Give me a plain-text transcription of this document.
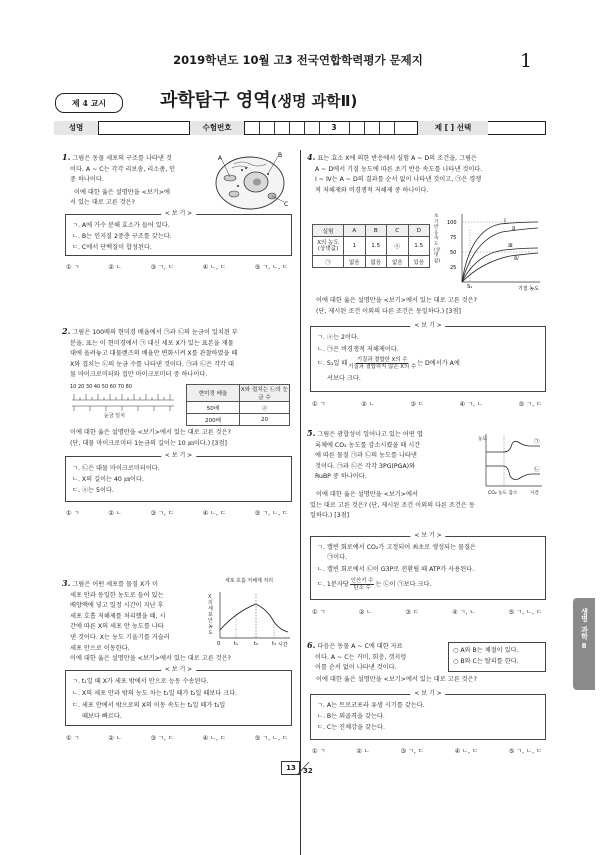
2019학년도 10월 고3 전국연합학력평가 문제지	1
제 4 교시	과학탐구 영역(생명 과학Ⅱ)
성명	수험번호	3	제 [ ] 선택
1. 그림은 동물 세포의 구조를 나타낸 것
이다. A ~ C는 각각 리보솜, 리소좀, 인
중 하나이다.
이에 대한 옳은 설명만을 <보기>에
서 있는 대로 고른 것은?
A	B
C
< 보 기 >
ㄱ. A에 가수 분해 효소가 들어 있다.
ㄴ. B는 인지질 2중층 구조를 갖는다.
ㄷ. C에서 단백질이 합성된다.
① ㄱ	② ㄴ	③ ㄱ, ㄷ	④ ㄴ, ㄷ	⑤ ㄱ, ㄴ, ㄷ
2. 그림은 100배의 현미경 배율에서 ㉠과 ㉡의 눈금이 일치된 부
분을, 표는 이 현미경에서 ㉠ 대신 세포 X가 있는 표본을 재물
대에 올려놓고 대물렌즈의 배율만 변화시켜 X를 관찰하였을 때
X와 겹치는 ㉡의 눈금 수를 나타낸 것이다. ㉠과 ㉡은 각각 대
물 마이크로미터와 접안 마이크로미터 중 하나이다.
10 20 30 40 50 60 70 80
눈금 일치
현미경 배율	X와 겹치는 ㉡의 눈금 수
50배	ⓐ
200배	20
이에 대한 옳은 설명만을 <보기>에서 있는 대로 고른 것은?
(단, 대물 마이크로미터 1눈금의 길이는 10 ㎛이다.) [3점]
< 보 기 >
ㄱ. ㉡은 대물 마이크로미터이다.
ㄴ. X의 길이는 40 ㎛이다.
ㄷ. ⓐ는 5이다.
① ㄱ	② ㄴ	③ ㄱ, ㄷ	④ ㄴ, ㄷ	⑤ ㄱ, ㄴ, ㄷ
3. 그림은 어떤 세포를 물질 X가 이
세포 안과 동일한 농도로 들어 있는
배양액에 넣고 일정 시간이 지난 후
세포 호흡 저해제를 처리했을 때, 시
간에 따른 X의 세포 안 농도를 나타
낸 것이다. X는 농도 기울기를 거슬러
세포 안으로 이동한다.
세포 호흡 저해제 처리
X의 세포 안 농도
0	t₁	t₂	t₃ 시간
이에 대한 옳은 설명만을 <보기>에서 있는 대로 고른 것은?
< 보 기 >
ㄱ. t₁일 때 X가 세포 밖에서 안으로 능동 수송된다.
ㄴ. X의 세포 안과 밖의 농도 차는 t₁일 때가 t₂일 때보다 크다.
ㄷ. 세포 안에서 밖으로의 X의 이동 속도는 t₂일 때가 t₃일
때보다 빠르다.
① ㄱ	② ㄴ	③ ㄱ, ㄷ	④ ㄴ, ㄷ	⑤ ㄱ, ㄴ, ㄷ
4. 표는 효소 X에 의한 반응에서 실험 A ~ D의 조건을, 그림은
A ~ D에서 기질 농도에 따른 초기 반응 속도를 나타낸 것이다.
Ⅰ ~ Ⅳ는 A ~ D의 결과를 순서 없이 나타낸 것이고, ㉠은 경쟁
적 저해제와 비경쟁적 저해제 중 하나이다.
실험	A	B	C	D
X의 농도 (상댓값)	1	1.5	ⓐ	1.5
㉠	없음	없음	없음	있음
초기 반응 속도 (상댓값)
100
75
50
25
Ⅰ
Ⅱ
Ⅲ
Ⅳ
S₁	기질 농도
이에 대한 옳은 설명만을 <보기>에서 있는 대로 고른 것은?
(단, 제시된 조건 이외의 다른 조건은 동일하다.) [3점]
< 보 기 >
ㄱ. ⓐ는 2이다.
ㄴ. ㉠은 비경쟁적 저해제이다.
ㄷ. S₁일 때 $\frac{\text{기질과 결합한 X의 수}}{\text{기질과 결합하지 않은 X의 수}}$ 는 D에서가 A에
서보다 크다.
① ㄱ	② ㄴ	③ ㄷ	④ ㄱ, ㄴ	⑤ ㄱ, ㄷ
5. 그림은 광합성이 일어나고 있는 어떤 엽
록체에 CO₂ 농도를 감소시켰을 때 시간
에 따른 물질 ㉠과 ㉡의 농도를 나타낸
것이다. ㉠과 ㉡은 각각 3PG(PGA)와
RuBP 중 하나이다.
㉠
㉡
농도
CO₂ 농도 감소	시간
이에 대한 옳은 설명만을 <보기>에서
있는 대로 고른 것은? (단, 제시된 조건 이외의 다른 조건은 동
일하다.) [3점]
< 보 기 >
ㄱ. 캘빈 회로에서 CO₂가 고정되어 최초로 생성되는 물질은
㉠이다.
ㄴ. 캘빈 회로에서 ㉡이 G3P로 전환될 때 ATP가 사용된다.
ㄷ. 1분자당 $\frac{\text{인산기 수}}{\text{탄소 수}}$ 는 ㉡이 ㉠보다 크다.
① ㄱ	② ㄴ	③ ㄷ	④ ㄱ, ㄴ	⑤ ㄱ, ㄴ, ㄷ
6. 다음은 동물 A ~ C에 대한 자료
이다. A ~ C는 거미, 회충, 갯지렁
이를 순서 없이 나타낸 것이다.
○ A와 B는 체절이 있다.
○ B와 C는 탈피를 한다.
이에 대한 옳은 설명만을 <보기>에서 있는 대로 고른 것은?
< 보 기 >
ㄱ. A는 트로코포라 유생 시기를 갖는다.
ㄴ. B는 외골격을 갖는다.
ㄷ. C는 진체강을 갖는다.
① ㄱ	② ㄴ	③ ㄱ, ㄷ	④ ㄴ, ㄷ	⑤ ㄱ, ㄴ, ㄷ
생명
과학
Ⅱ
13	32
